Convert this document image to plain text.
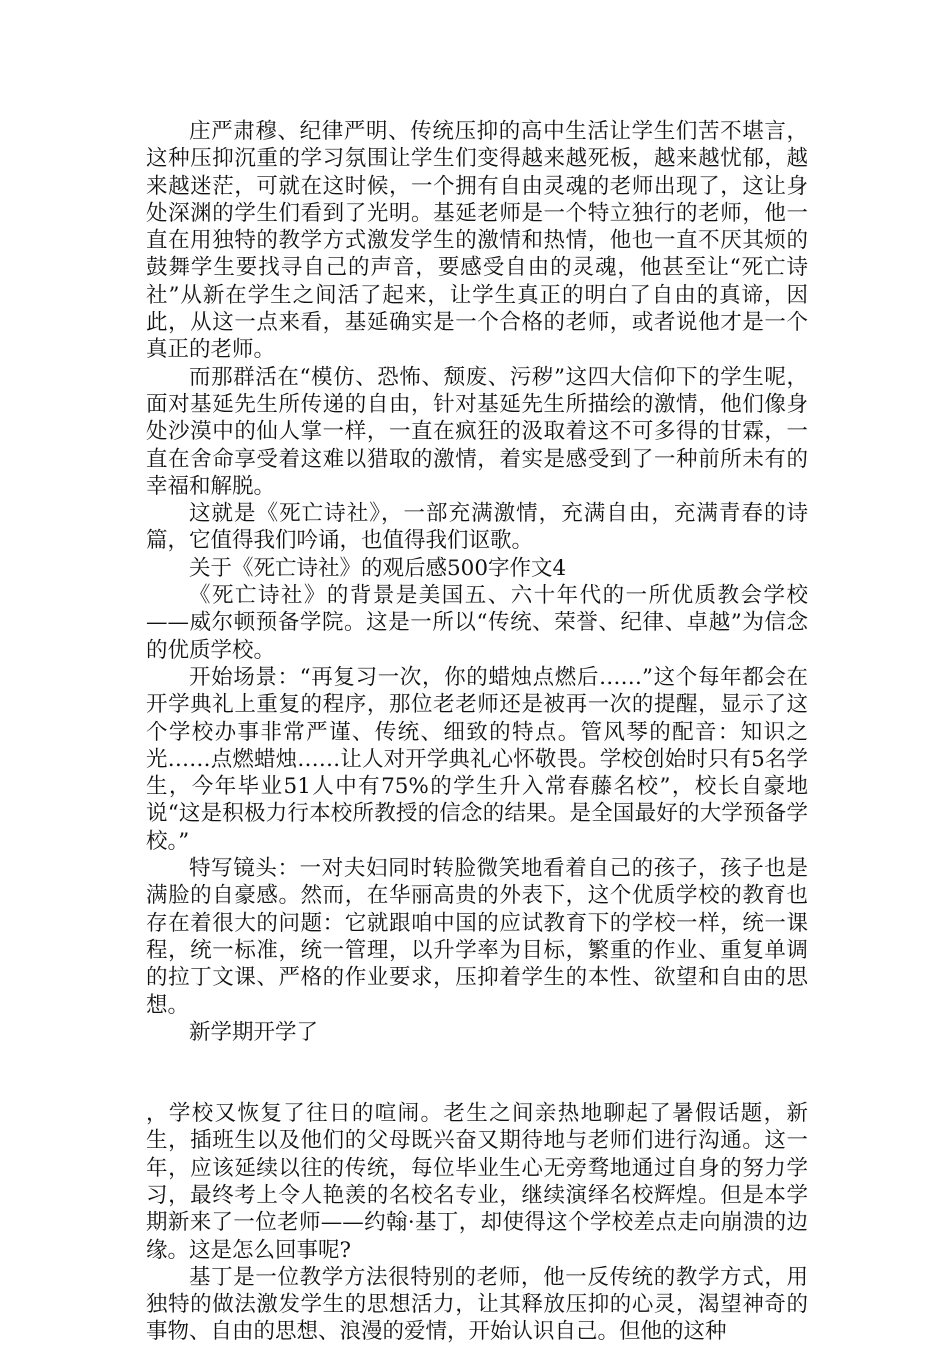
庄严肃穆、纪律严明、传统压抑的高中生活让学生们苦不堪言，这种压抑沉重的学习氛围让学生们变得越来越死板，越来越忧郁，越来越迷茫，可就在这时候，一个拥有自由灵魂的老师出现了，这让身处深渊的学生们看到了光明。基延老师是一个特立独行的老师，他一直在用独特的教学方式激发学生的激情和热情，他也一直不厌其烦的鼓舞学生要找寻自己的声音，要感受自由的灵魂，他甚至让“死亡诗社”从新在学生之间活了起来，让学生真正的明白了自由的真谛，因此，从这一点来看，基延确实是一个合格的老师，或者说他才是一个真正的老师。

而那群活在“模仿、恐怖、颓废、污秽”这四大信仰下的学生呢，面对基延先生所传递的自由，针对基延先生所描绘的激情，他们像身处沙漠中的仙人掌一样，一直在疯狂的汲取着这不可多得的甘霖，一直在舍命享受着这难以猎取的激情，着实是感受到了一种前所未有的幸福和解脱。

这就是《死亡诗社》，一部充满激情，充满自由，充满青春的诗篇，它值得我们吟诵，也值得我们讴歌。

关于《死亡诗社》的观后感500字作文4

《死亡诗社》的背景是美国五、六十年代的一所优质教会学校——威尔顿预备学院。这是一所以“传统、荣誉、纪律、卓越”为信念的优质学校。

开始场景：“再复习一次，你的蜡烛点燃后……”这个每年都会在开学典礼上重复的程序，那位老老师还是被再一次的提醒，显示了这个学校办事非常严谨、传统、细致的特点。管风琴的配音：知识之光……点燃蜡烛……让人对开学典礼心怀敬畏。学校创始时只有5名学生，今年毕业51人中有75%的学生升入常春藤名校”，校长自豪地说“这是积极力行本校所教授的信念的结果。是全国最好的大学预备学校。”

特写镜头：一对夫妇同时转脸微笑地看着自己的孩子，孩子也是满脸的自豪感。然而，在华丽高贵的外表下，这个优质学校的教育也存在着很大的问题：它就跟咱中国的应试教育下的学校一样，统一课程，统一标准，统一管理，以升学率为目标，繁重的作业、重复单调的拉丁文课、严格的作业要求，压抑着学生的本性、欲望和自由的思想。

新学期开学了

，学校又恢复了往日的喧闹。老生之间亲热地聊起了暑假话题，新生，插班生以及他们的父母既兴奋又期待地与老师们进行沟通。这一年，应该延续以往的传统，每位毕业生心无旁骛地通过自身的努力学习，最终考上令人艳羡的名校名专业，继续演绎名校辉煌。但是本学期新来了一位老师——约翰·基丁，却使得这个学校差点走向崩溃的边缘。这是怎么回事呢?

基丁是一位教学方法很特别的老师，他一反传统的教学方式，用独特的做法激发学生的思想活力，让其释放压抑的心灵，渴望神奇的事物、自由的思想、浪漫的爱情，开始认识自己。但他的这种
